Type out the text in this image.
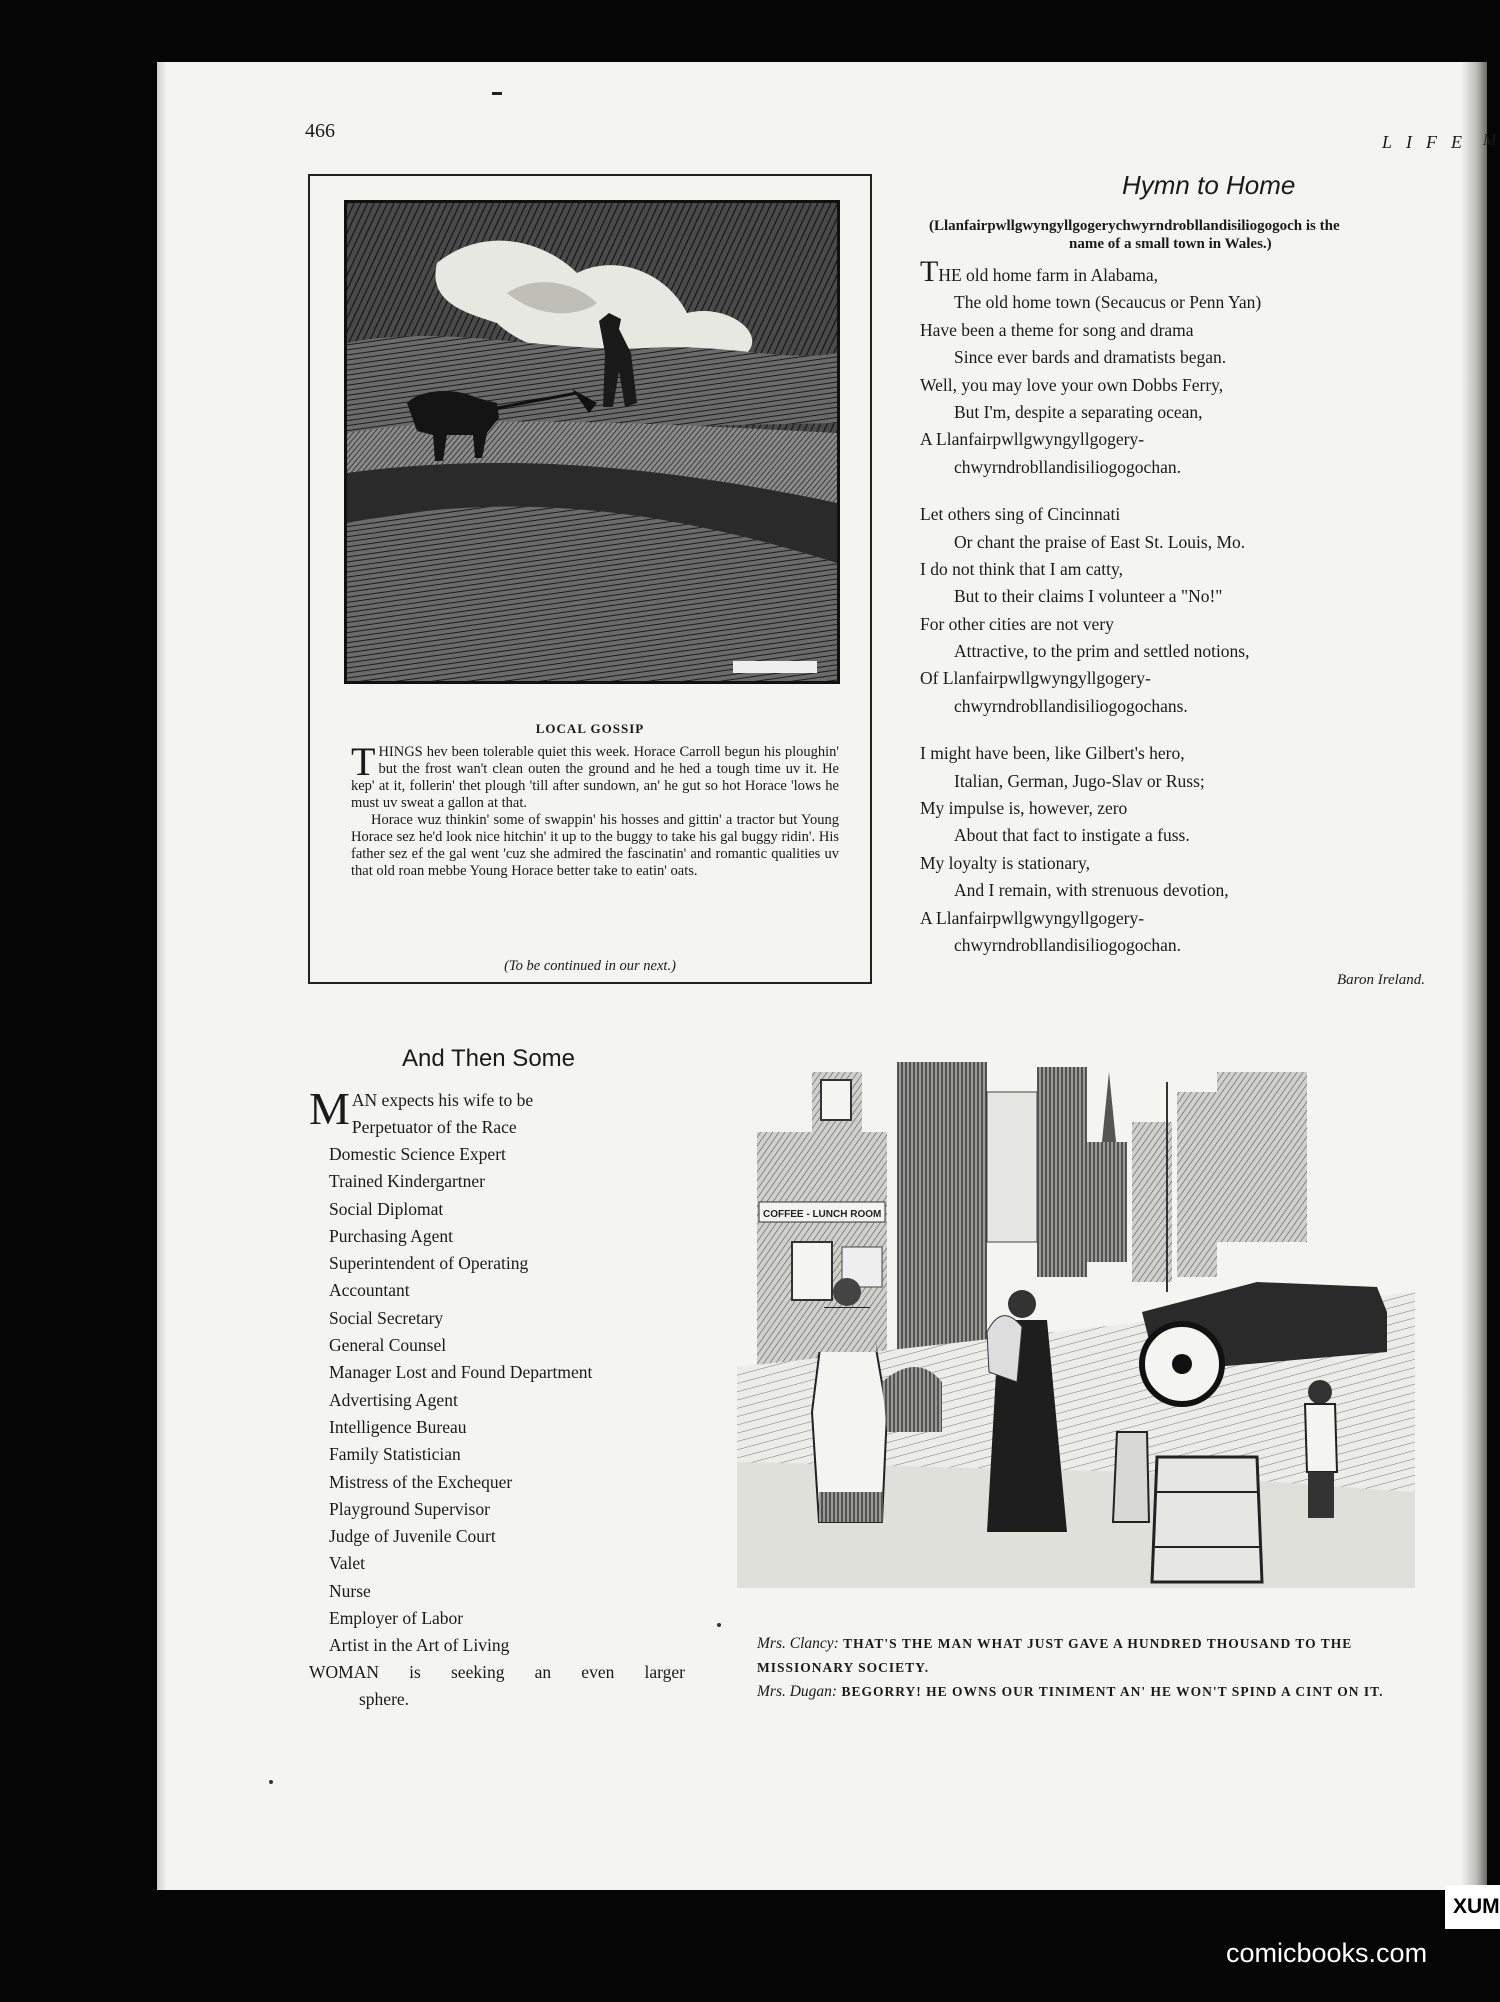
466	LIFE M
LOCAL GOSSIP

THINGS hev been tolerable quiet this week. Horace Carroll begun his ploughin' but the frost wan't clean outen the ground and he hed a tough time uv it. He kep' at it, follerin' thet plough 'till after sundown, an' he gut so hot Horace 'lows he must uv sweat a gallon at that.

Horace wuz thinkin' some of swappin' his hosses and gittin' a tractor but Young Horace sez he'd look nice hitchin' it up to the buggy to take his gal buggy ridin'. His father sez ef the gal went 'cuz she admired the fascinatin' and romantic qualities uv that old roan mebbe Young Horace better take to eatin' oats.

(To be continued in our next.)
Hymn to Home
(Llanfairpwllgwyngyllgogerychwyrndrobllandisiliogogoch is the
name of a small town in Wales.)
THE old home farm in Alabama,
The old home town (Secaucus or Penn Yan)
Have been a theme for song and drama
Since ever bards and dramatists began.
Well, you may love your own Dobbs Ferry,
But I'm, despite a separating ocean,
A Llanfairpwllgwyngyllgogery-
chwyrndrobllandisiliogogochan.
Let others sing of Cincinnati
Or chant the praise of East St. Louis, Mo.
I do not think that I am catty,
But to their claims I volunteer a "No!"
For other cities are not very
Attractive, to the prim and settled notions,
Of Llanfairpwllgwyngyllgogery-
chwyrndrobllandisiliogogochans.
I might have been, like Gilbert's hero,
Italian, German, Jugo-Slav or Russ;
My impulse is, however, zero
About that fact to instigate a fuss.
My loyalty is stationary,
And I remain, with strenuous devotion,
A Llanfairpwllgwyngyllgogery-
chwyrndrobllandisiliogogochan.
Baron Ireland.
And Then Some
M AN expects his wife to be
Perpetuator of the Race
Domestic Science Expert
Trained Kindergartner
Social Diplomat
Purchasing Agent
Superintendent of Operating
Accountant
Social Secretary
General Counsel
Manager Lost and Found Department
Advertising Agent
Intelligence Bureau
Family Statistician
Mistress of the Exchequer
Playground Supervisor
Judge of Juvenile Court
Valet
Nurse
Employer of Labor
Artist in the Art of Living
WOMAN is seeking an even larger
sphere.
COFFEE - LUNCH ROOM
Mrs. Clancy: THAT'S THE MAN WHAT JUST GAVE A HUNDRED THOUSAND TO THE MISSIONARY SOCIETY.
Mrs. Dugan: BEGORRY! HE OWNS OUR TINIMENT AN' HE WON'T SPIND A CINT ON IT.
XUM
comicbooks.com
